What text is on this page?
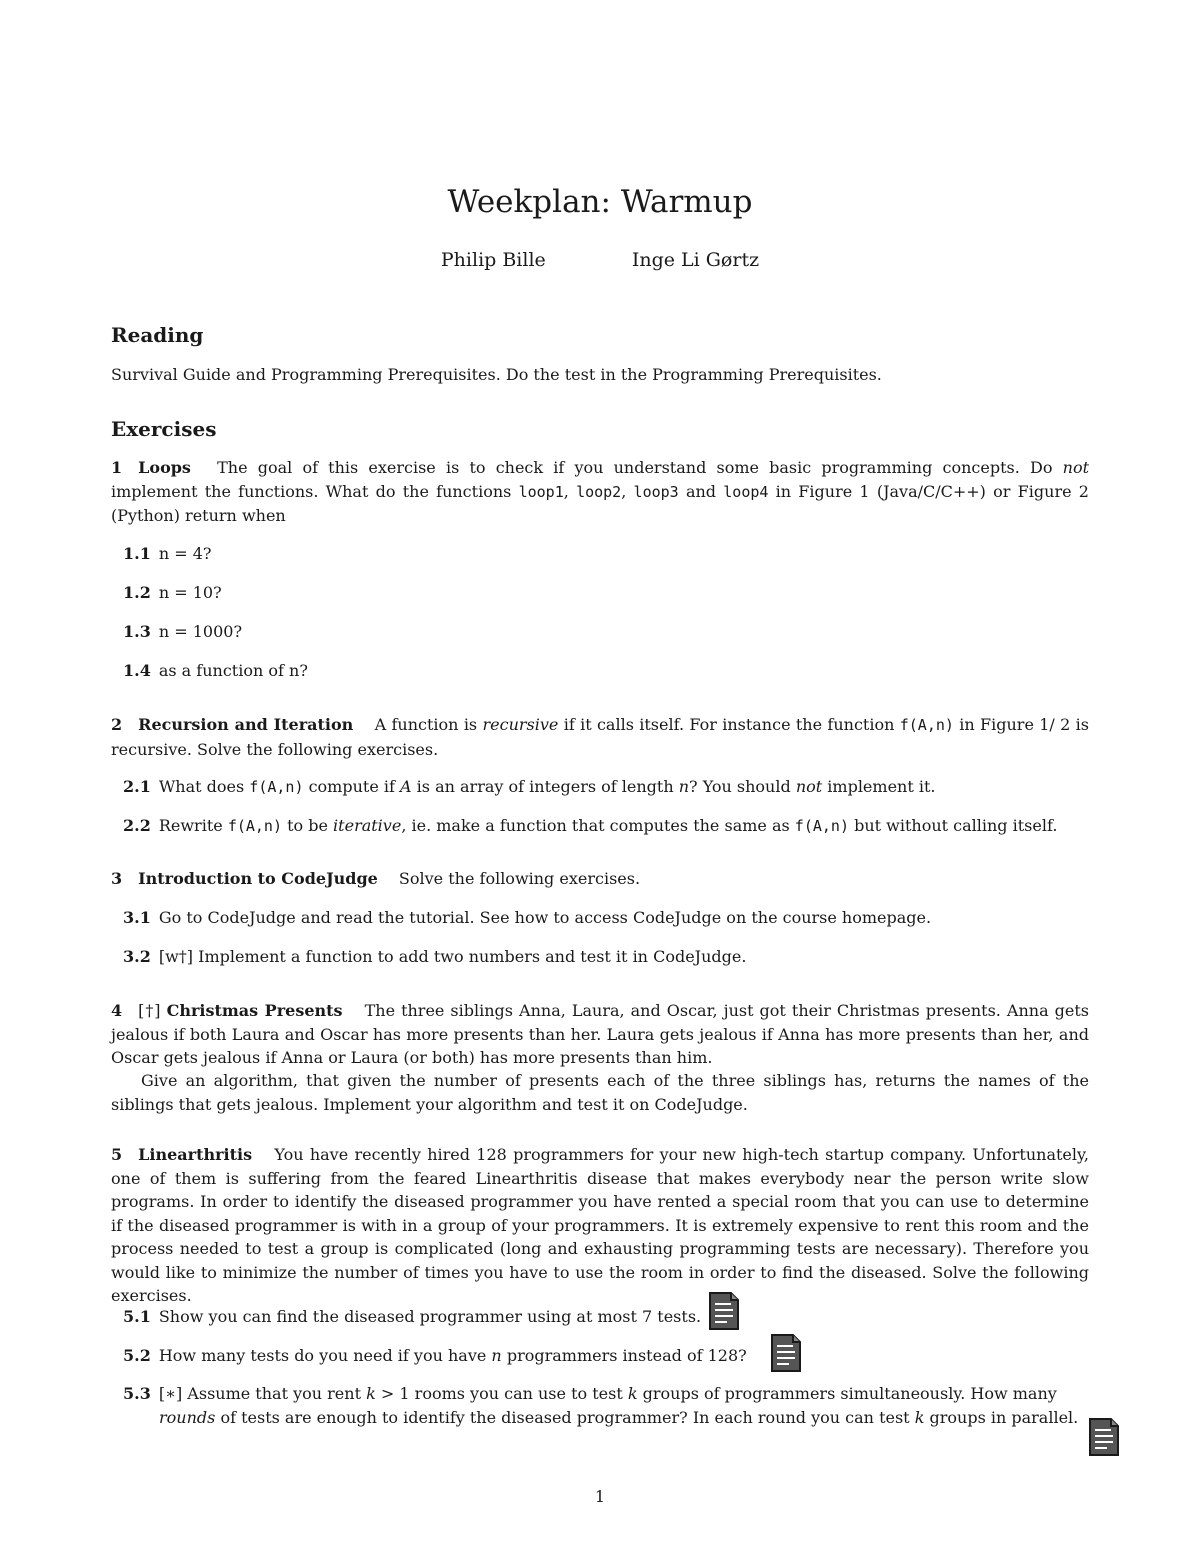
Weekplan: Warmup
Philip Bille	Inge Li Gørtz
Reading
Survival Guide and Programming Prerequisites. Do the test in the Programming Prerequisites.
Exercises
1 Loops The goal of this exercise is to check if you understand some basic programming concepts. Do not implement the functions. What do the functions loop1, loop2, loop3 and loop4 in Figure 1 (Java/C/C++) or Figure 2 (Python) return when
1.1 n = 4?
1.2 n = 10?
1.3 n = 1000?
1.4 as a function of n?
2 Recursion and Iteration A function is recursive if it calls itself. For instance the function f(A,n) in Figure 1/ 2 is recursive. Solve the following exercises.
2.1 What does f(A,n) compute if A is an array of integers of length n? You should not implement it.
2.2 Rewrite f(A,n) to be iterative, ie. make a function that computes the same as f(A,n) but without calling itself.
3 Introduction to CodeJudge Solve the following exercises.
3.1 Go to CodeJudge and read the tutorial. See how to access CodeJudge on the course homepage.
3.2 [w†] Implement a function to add two numbers and test it in CodeJudge.
4 [†] Christmas Presents The three siblings Anna, Laura, and Oscar, just got their Christmas presents. Anna gets jealous if both Laura and Oscar has more presents than her. Laura gets jealous if Anna has more presents than her, and Oscar gets jealous if Anna or Laura (or both) has more presents than him.
Give an algorithm, that given the number of presents each of the three siblings has, returns the names of the siblings that gets jealous. Implement your algorithm and test it on CodeJudge.
5 Linearthritis You have recently hired 128 programmers for your new high-tech startup company. Unfortunately, one of them is suffering from the feared Linearthritis disease that makes everybody near the person write slow programs. In order to identify the diseased programmer you have rented a special room that you can use to determine if the diseased programmer is with in a group of your programmers. It is extremely expensive to rent this room and the process needed to test a group is complicated (long and exhausting programming tests are necessary). Therefore you would like to minimize the number of times you have to use the room in order to find the diseased. Solve the following exercises.
5.1 Show you can find the diseased programmer using at most 7 tests.
5.2 How many tests do you need if you have n programmers instead of 128?
5.3 [∗] Assume that you rent k > 1 rooms you can use to test k groups of programmers simultaneously. How many rounds of tests are enough to identify the diseased programmer? In each round you can test k groups in parallel.
1
